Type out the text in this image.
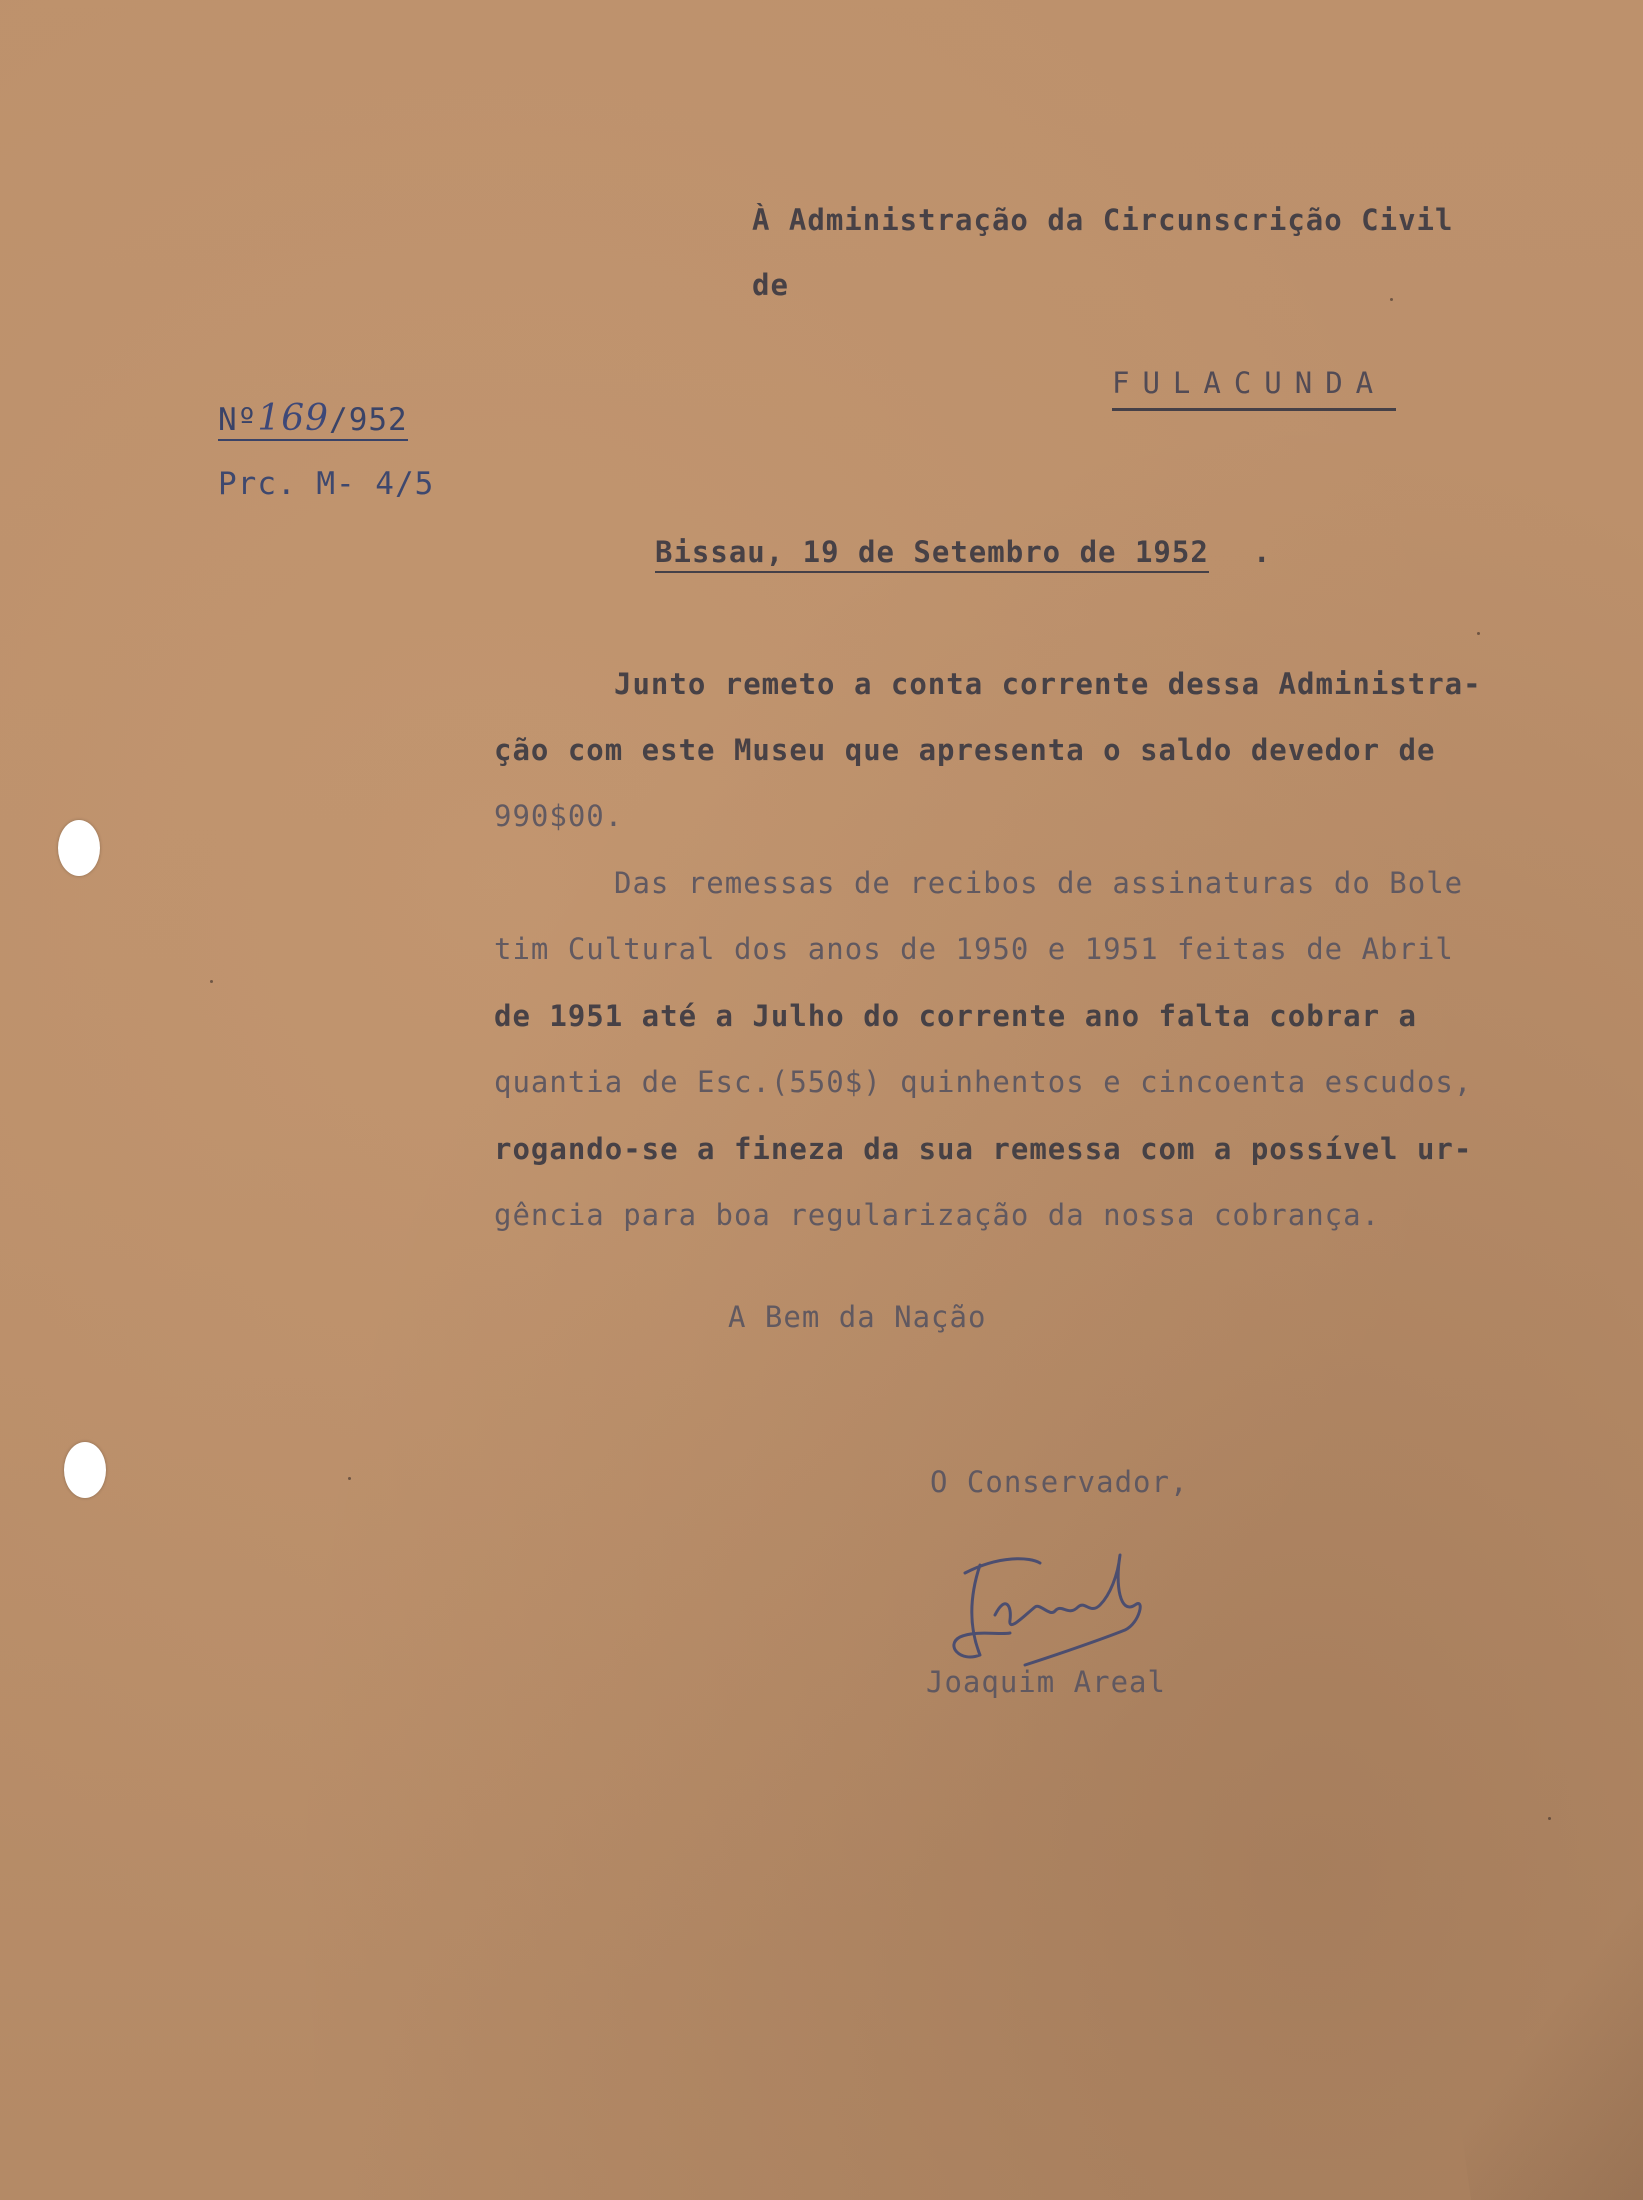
À Administração da Circunscrição Civil
de
FULACUNDA
Nº169/952
Prc. M- 4/5
Bissau, 19 de Setembro de 1952 .
Junto remeto a conta corrente dessa Administra-
ção com este Museu que apresenta o saldo devedor de
990$00.
Das remessas de recibos de assinaturas do Bole
tim Cultural dos anos de 1950 e 1951 feitas de Abril
de 1951 até a Julho do corrente ano falta cobrar a
quantia de Esc.(550$) quinhentos e cincoenta escudos,
rogando-se a fineza da sua remessa com a possível ur-
gência para boa regularização da nossa cobrança.
A Bem da Nação
O Conservador,
Joaquim Areal
